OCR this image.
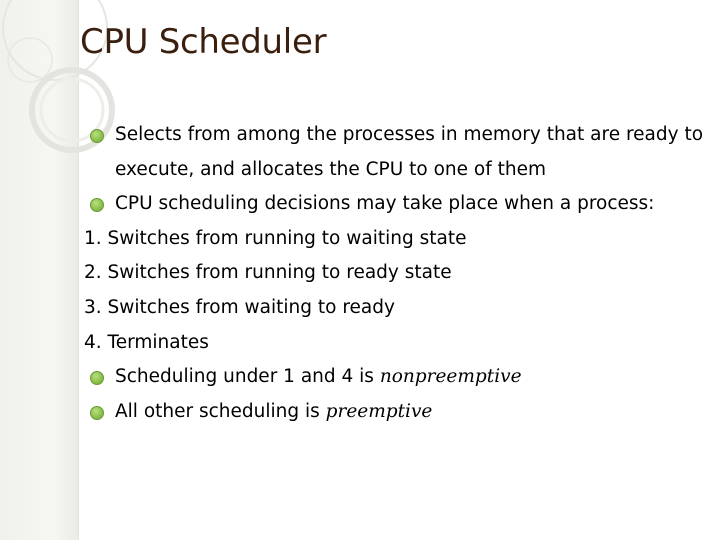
CPU Scheduler
Selects from among the processes in memory that are ready to execute, and allocates the CPU to one of them
CPU scheduling decisions may take place when a process:
1. Switches from running to waiting state
2. Switches from running to ready state
3. Switches from waiting to ready
4. Terminates
Scheduling under 1 and 4 is nonpreemptive
All other scheduling is preemptive
